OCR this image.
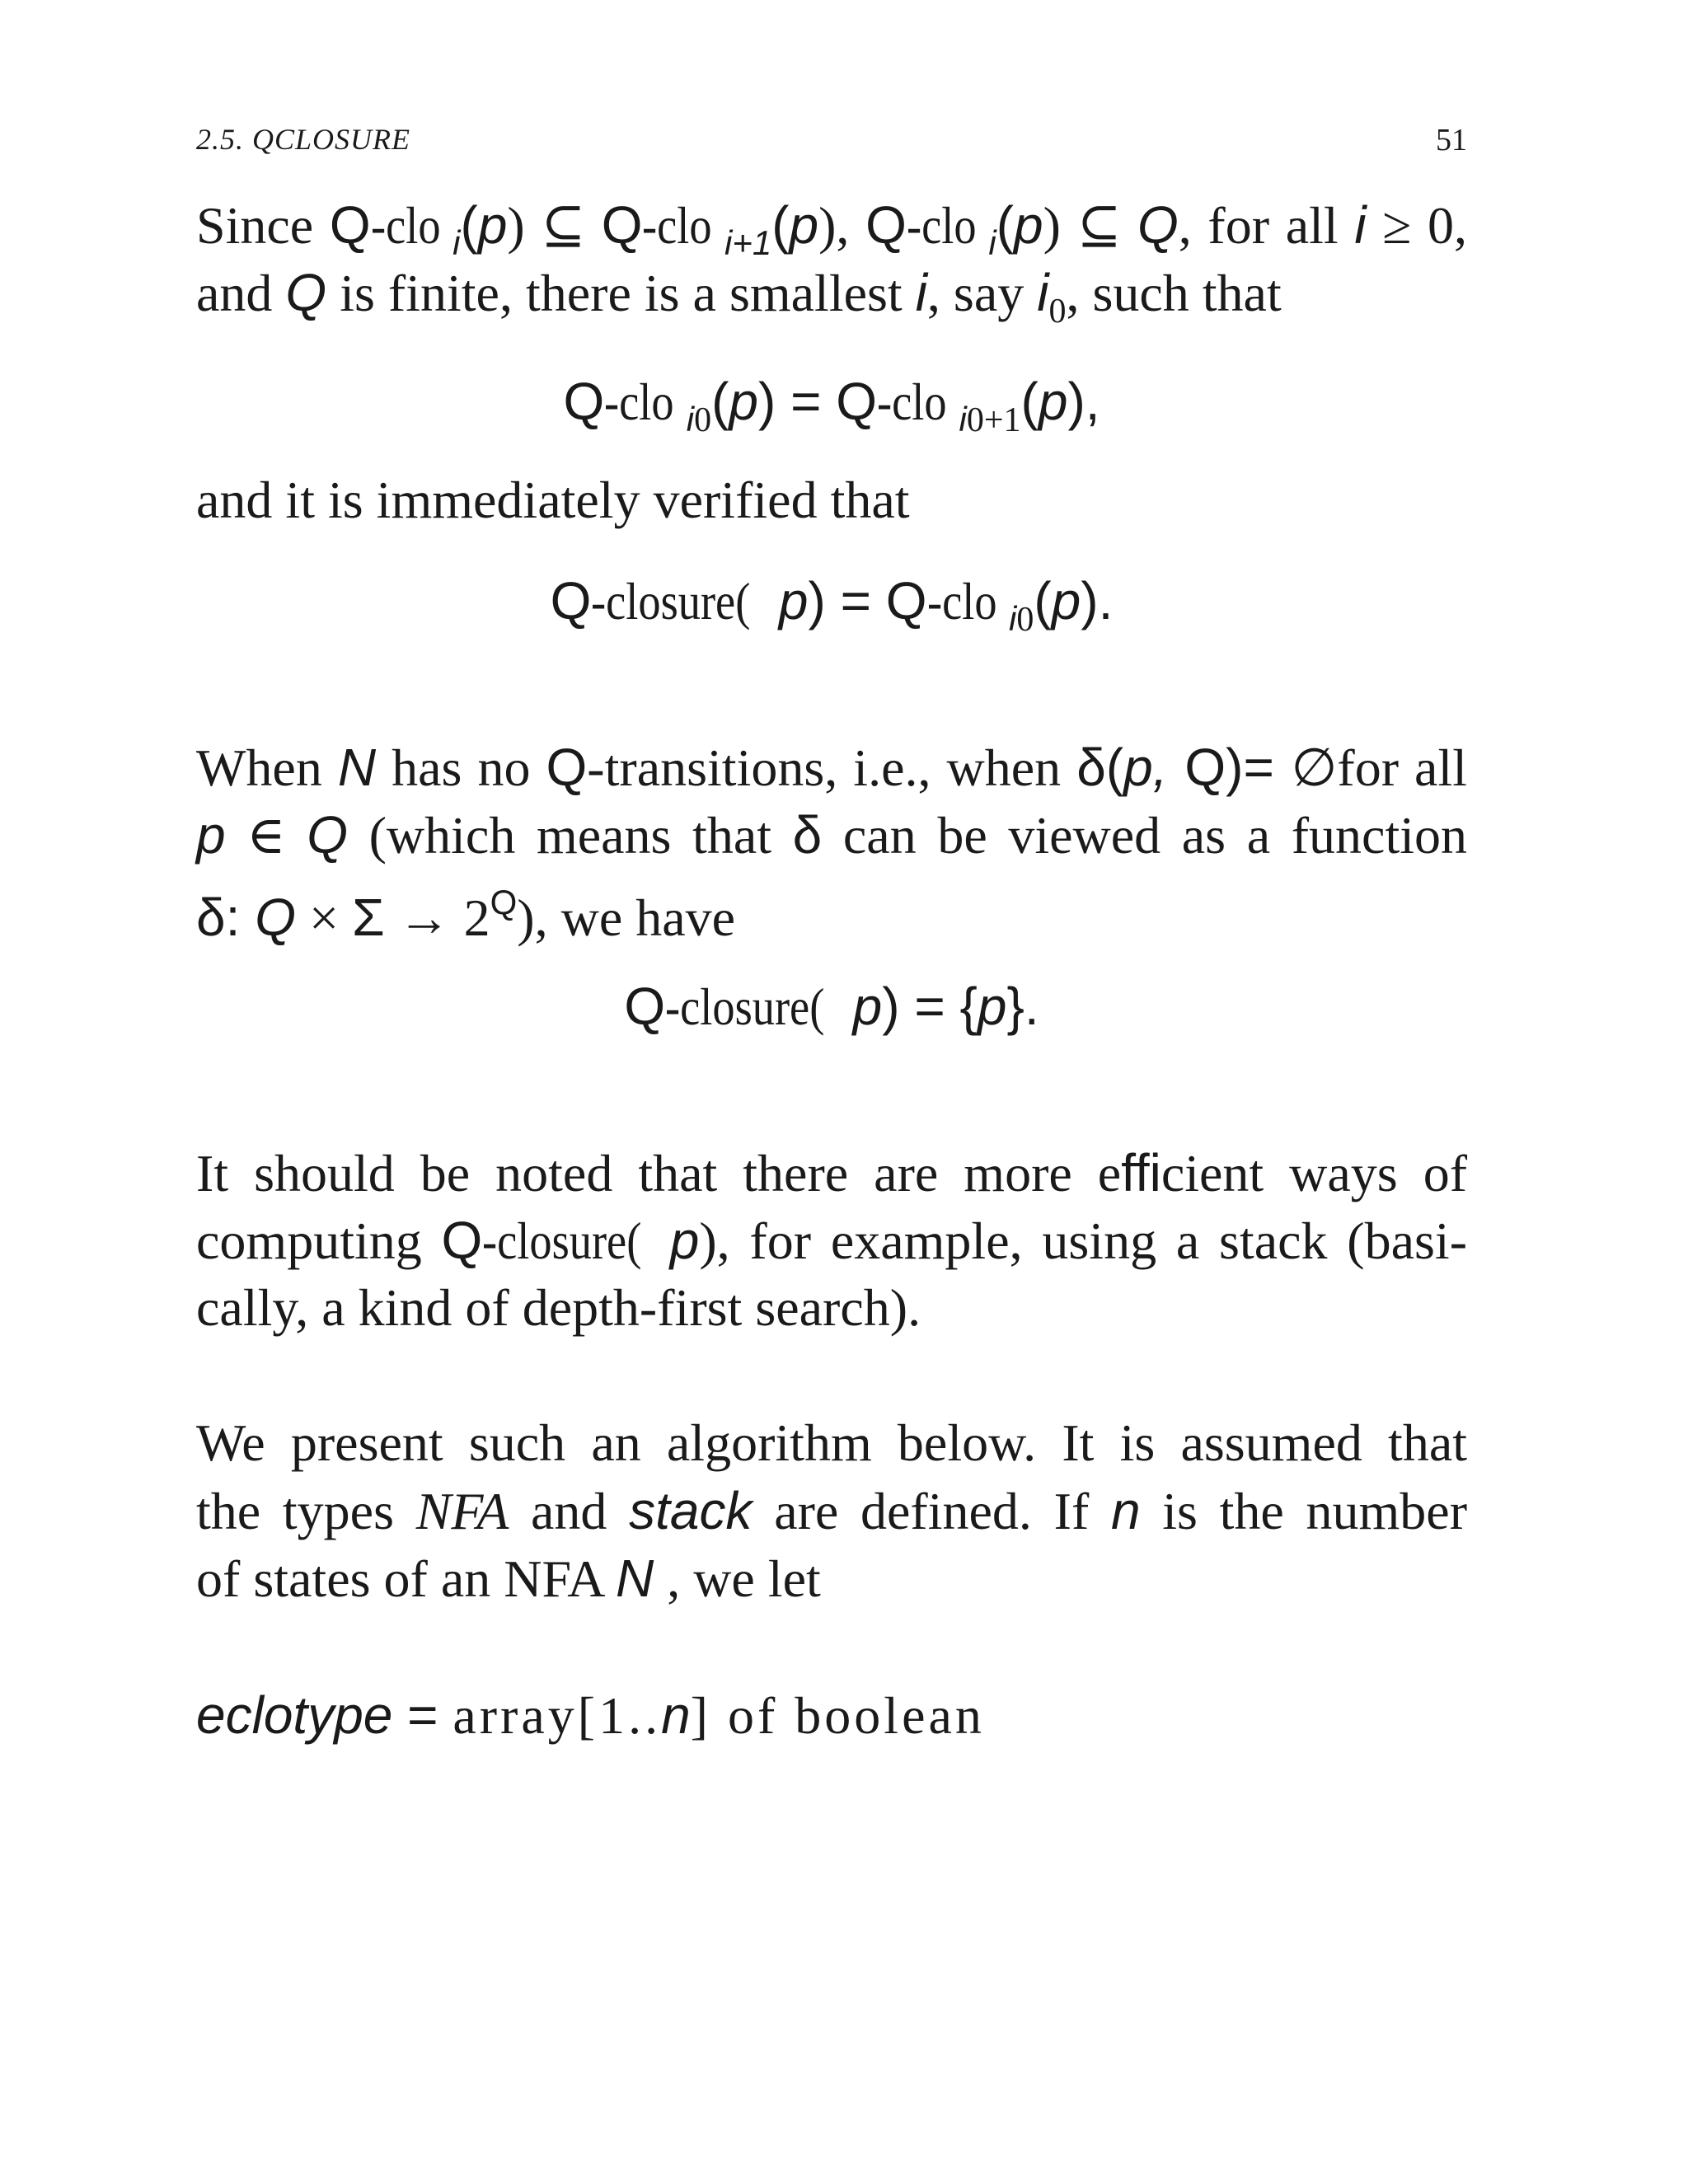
2.5. QCLOSURE	51
Since Q-clo $_i$(p) ⊆ Q-clo $_{i+1}$(p), Q-clo $_i$(p) ⊆ Q, for all i ≥ 0,
and Q is finite, there is a smallest i, say $i_0$, such that
Q-clo $_{i0}$(p) = Q-clo $_{i0+1}$(p),
and it is immediately verified that
Q-closure( p) = Q-clo $_{i0}$(p).
When N has no Q-transitions, i.e., when δ(p, Q)= ∅for all
p ∈ Q (which means that δ can be viewed as a function
δ: $Q \times \Sigma \to 2^Q$), we have
Q-closure( p) = {p}.
It should be noted that there are more efficient ways of
computing Q-closure( p), for example, using a stack (basi-
cally, a kind of depth-first search).
We present such an algorithm below. It is assumed that
the types NFA and stack are defined. If n is the number
of states of an NFA N , we let
eclotype = array[1..n] of boolean
